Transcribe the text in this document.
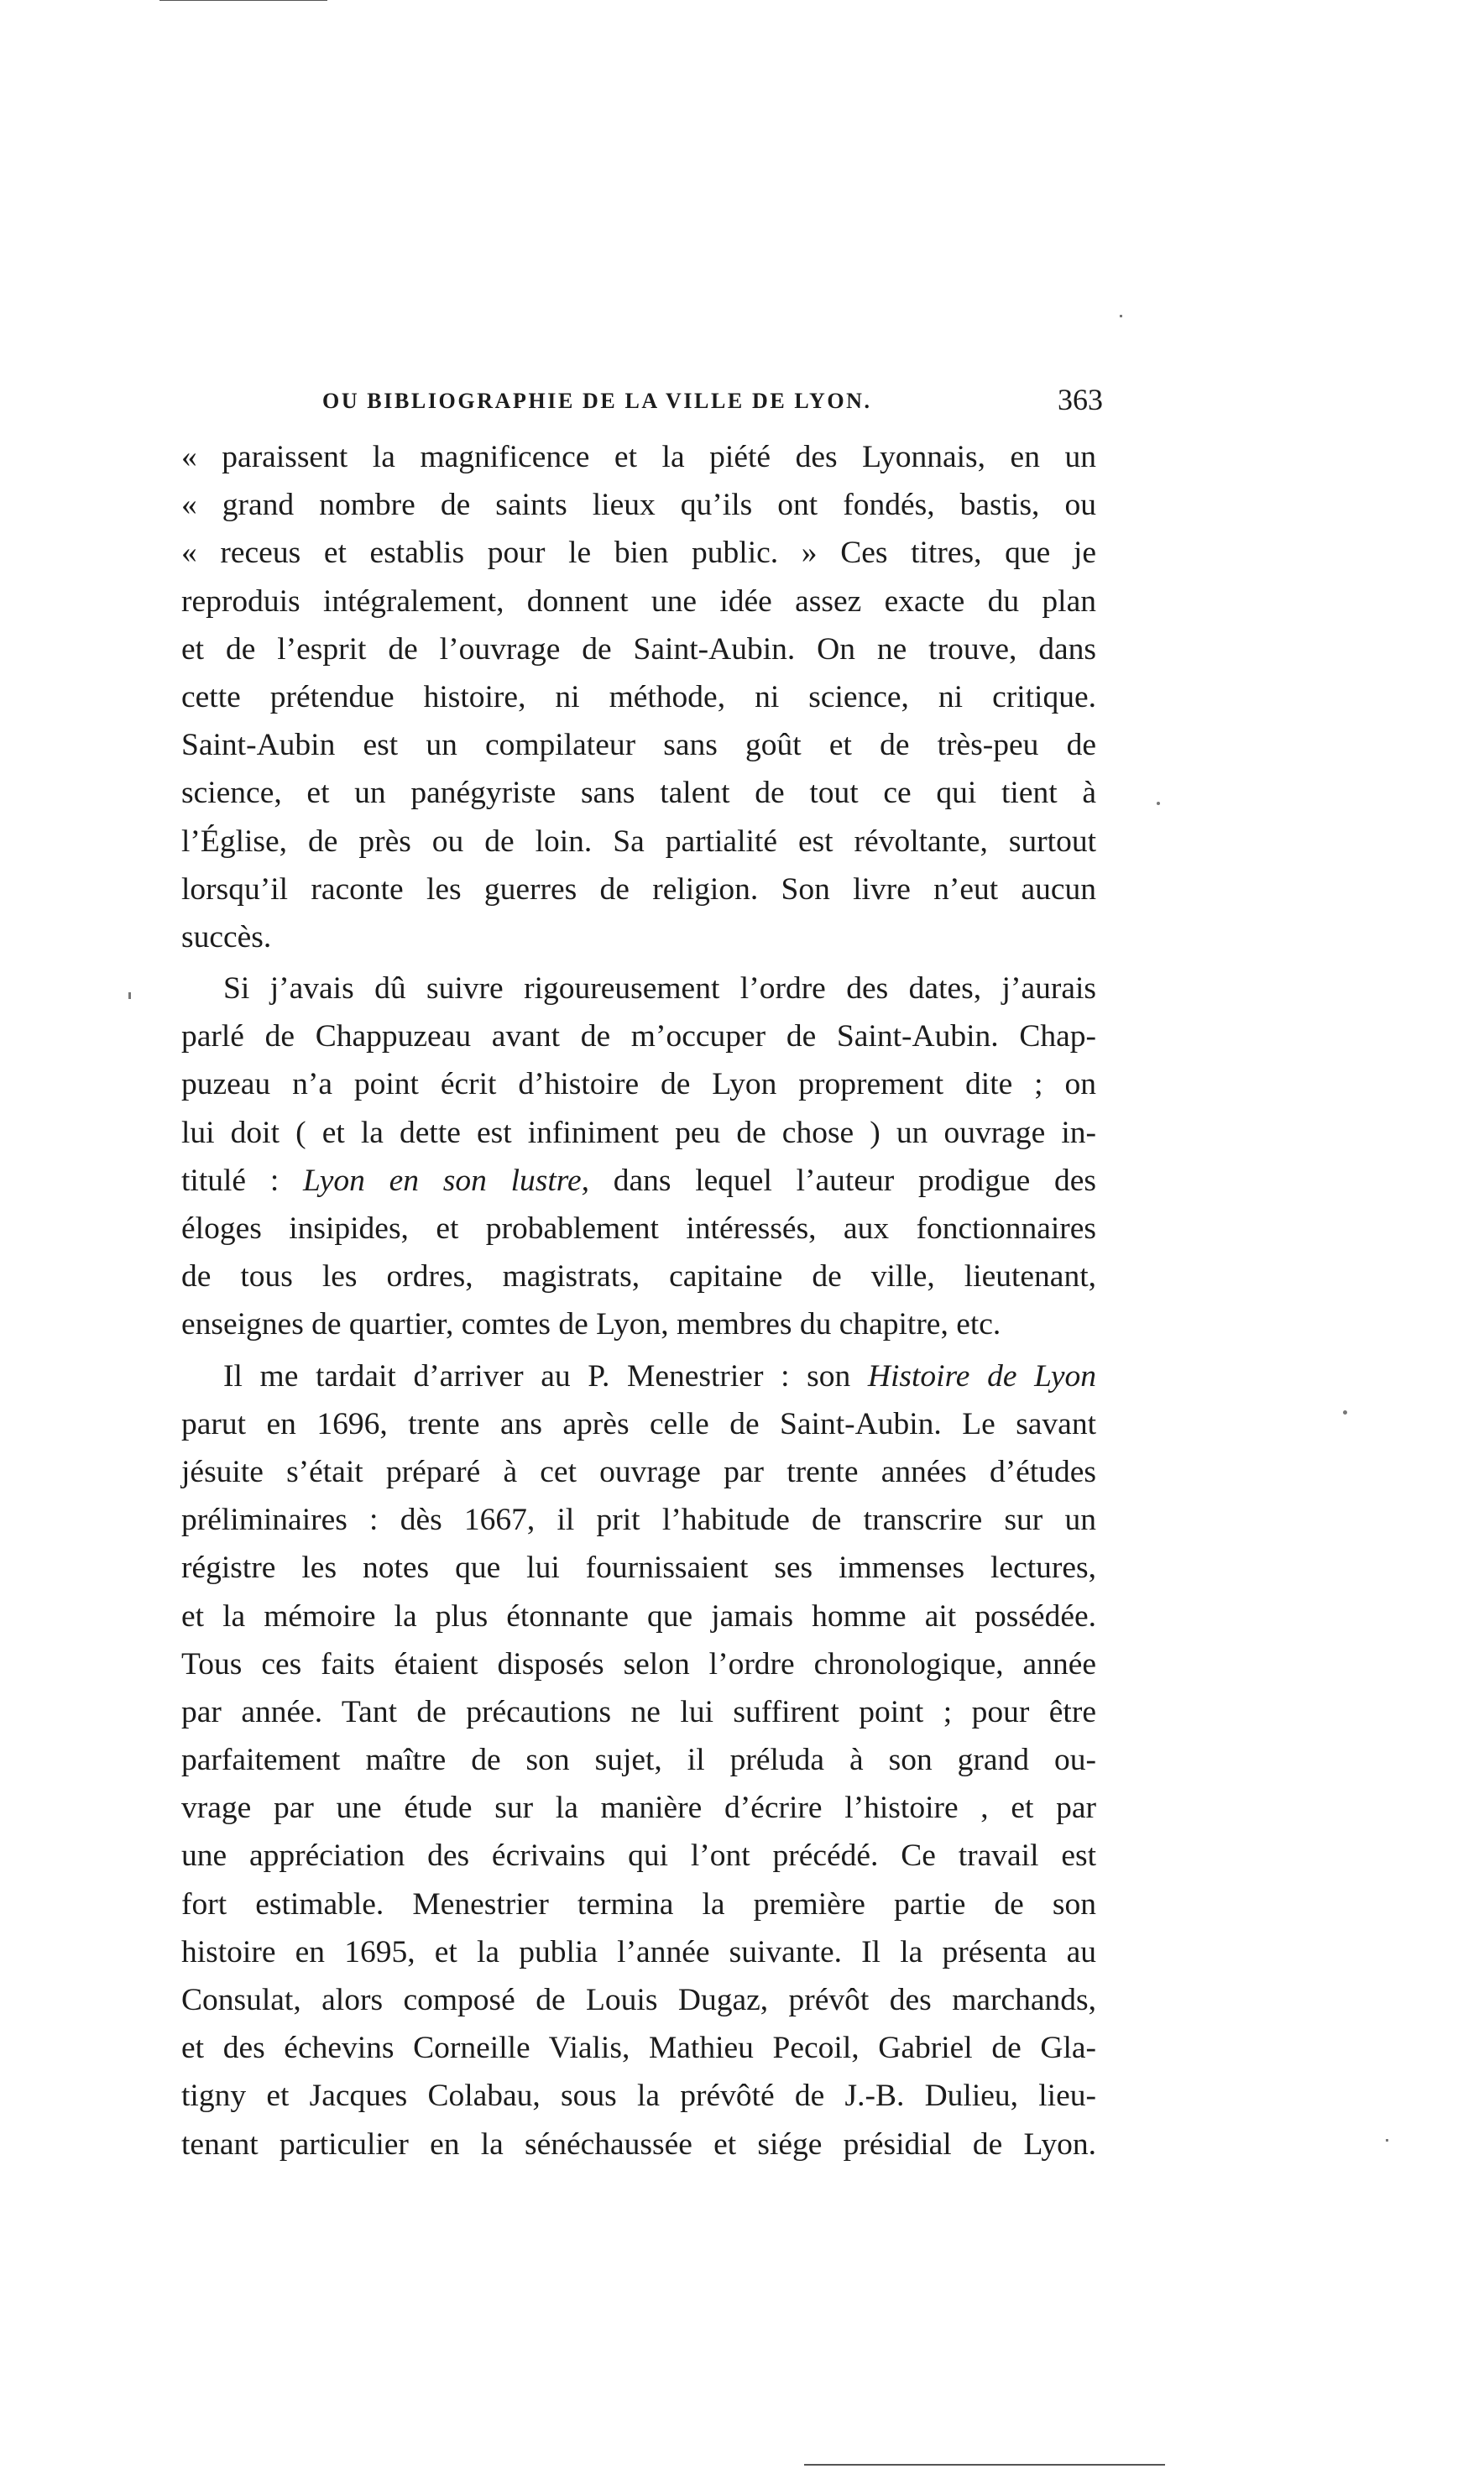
OU BIBLIOGRAPHIE DE LA VILLE DE LYON.	363
« paraissent la magnificence et la piété des Lyonnais, en un
« grand nombre de saints lieux qu’ils ont fondés, bastis, ou
« receus et establis pour le bien public. » Ces titres, que je
reproduis intégralement, donnent une idée assez exacte du plan
et de l’esprit de l’ouvrage de Saint-Aubin. On ne trouve, dans
cette prétendue histoire, ni méthode, ni science, ni critique.
Saint-Aubin est un compilateur sans goût et de très-peu de
science, et un panégyriste sans talent de tout ce qui tient à
l’Église, de près ou de loin. Sa partialité est révoltante, surtout
lorsqu’il raconte les guerres de religion. Son livre n’eut aucun
succès.
Si j’avais dû suivre rigoureusement l’ordre des dates, j’aurais
parlé de Chappuzeau avant de m’occuper de Saint-Aubin. Chap-
puzeau n’a point écrit d’histoire de Lyon proprement dite ; on
lui doit ( et la dette est infiniment peu de chose ) un ouvrage in-
titulé : Lyon en son lustre, dans lequel l’auteur prodigue des
éloges insipides, et probablement intéressés, aux fonctionnaires
de tous les ordres, magistrats, capitaine de ville, lieutenant,
enseignes de quartier, comtes de Lyon, membres du chapitre, etc.
Il me tardait d’arriver au P. Menestrier : son Histoire de Lyon
parut en 1696, trente ans après celle de Saint-Aubin. Le savant
jésuite s’était préparé à cet ouvrage par trente années d’études
préliminaires : dès 1667, il prit l’habitude de transcrire sur un
régistre les notes que lui fournissaient ses immenses lectures,
et la mémoire la plus étonnante que jamais homme ait possédée.
Tous ces faits étaient disposés selon l’ordre chronologique, année
par année. Tant de précautions ne lui suffirent point ; pour être
parfaitement maître de son sujet, il préluda à son grand ou-
vrage par une étude sur la manière d’écrire l’histoire , et par
une appréciation des écrivains qui l’ont précédé. Ce travail est
fort estimable. Menestrier termina la première partie de son
histoire en 1695, et la publia l’année suivante. Il la présenta au
Consulat, alors composé de Louis Dugaz, prévôt des marchands,
et des échevins Corneille Vialis, Mathieu Pecoil, Gabriel de Gla-
tigny et Jacques Colabau, sous la prévôté de J.-B. Dulieu, lieu-
tenant particulier en la sénéchaussée et siége présidial de Lyon.
